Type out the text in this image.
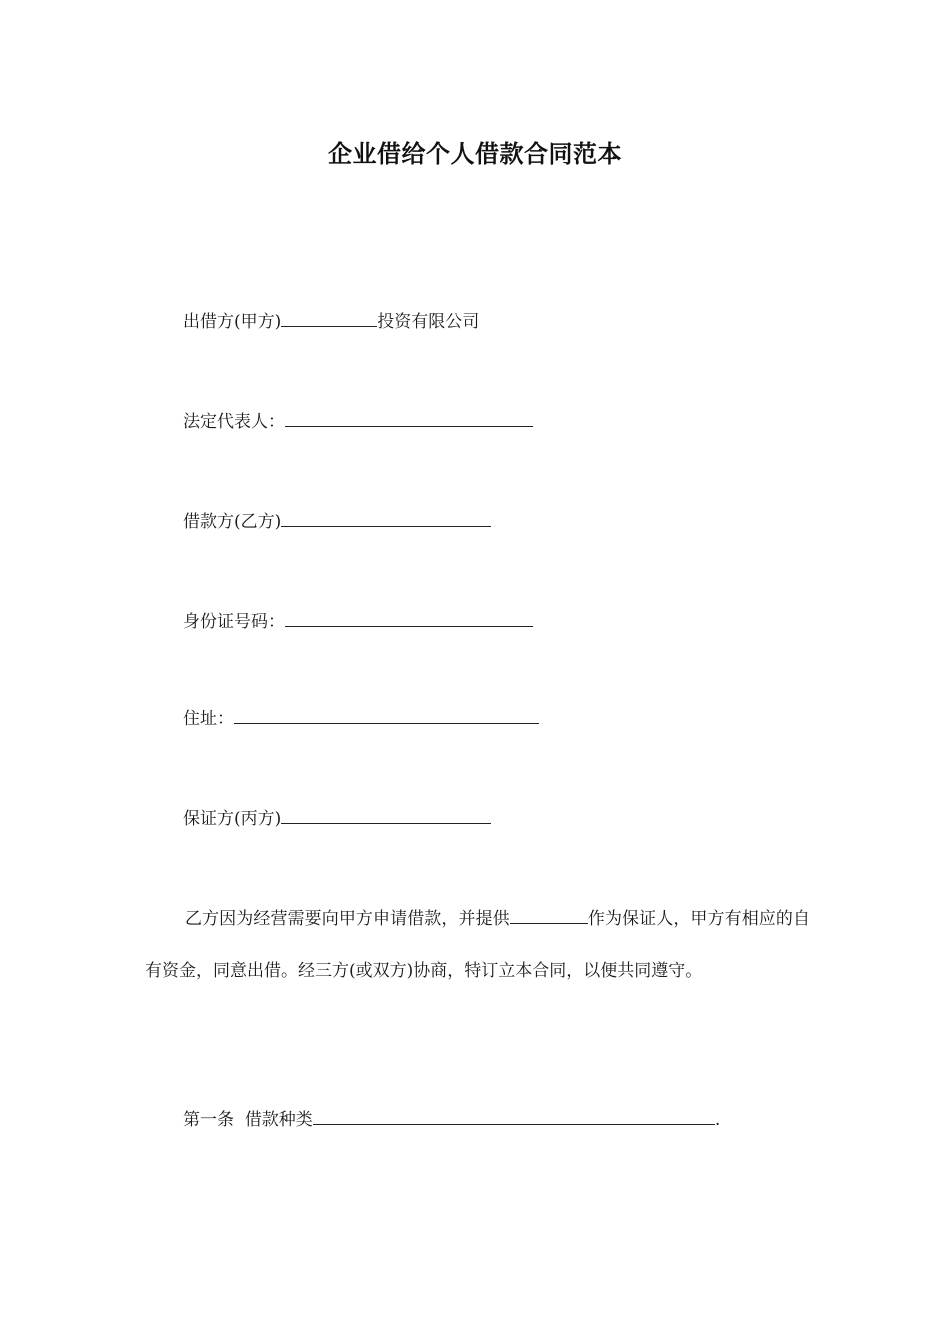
企业借给个人借款合同范本
出借方(甲方)	投资有限公司
法定代表人：
借款方(乙方)
身份证号码：
住址：
保证方(丙方)
乙方因为经营需要向甲方申请借款，并提供	作为保证人，甲方有相应的自有资金，同意出借。经三方(或双方)协商，特订立本合同，以便共同遵守。
第一条 借款种类	.
